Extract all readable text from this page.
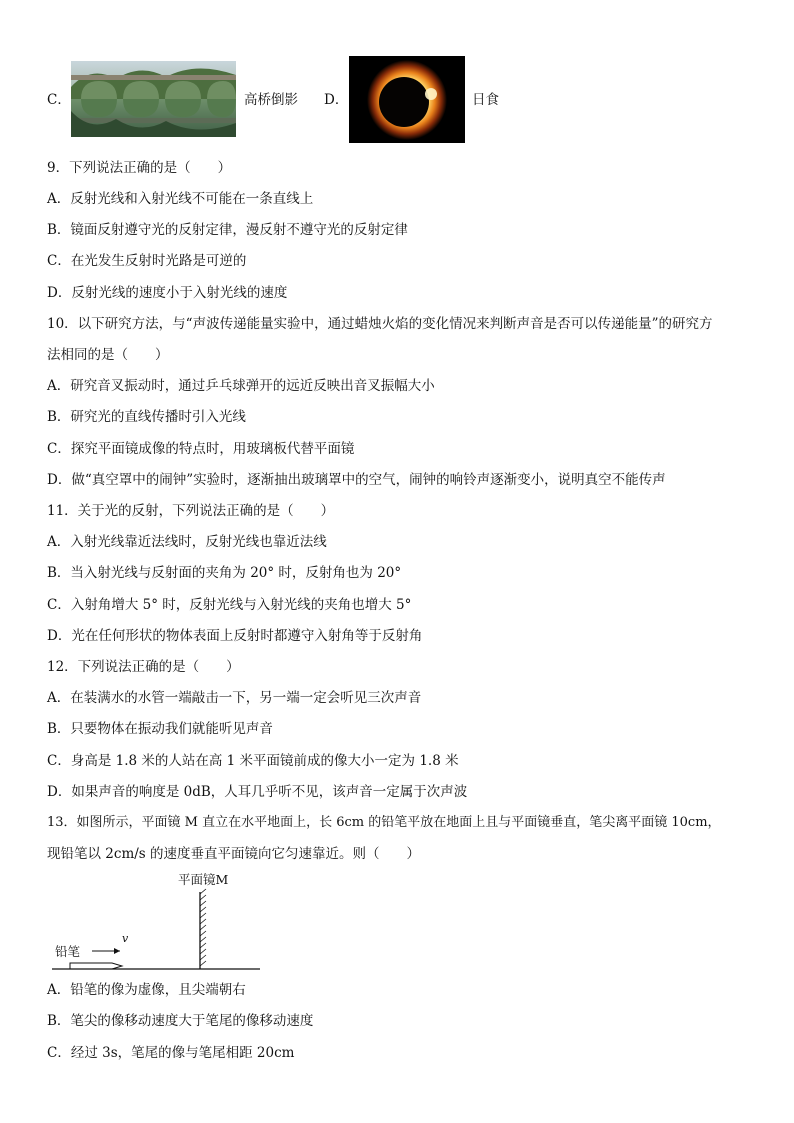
C．	高桥倒影 D．	日食
9．下列说法正确的是（　　）
A．反射光线和入射光线不可能在一条直线上
B．镜面反射遵守光的反射定律，漫反射不遵守光的反射定律
C．在光发生反射时光路是可逆的
D．反射光线的速度小于入射光线的速度
10．以下研究方法，与“声波传递能量实验中，通过蜡烛火焰的变化情况来判断声音是否可以传递能量”的研究方
法相同的是（　　）
A．研究音叉振动时，通过乒乓球弹开的远近反映出音叉振幅大小
B．研究光的直线传播时引入光线
C．探究平面镜成像的特点时，用玻璃板代替平面镜
D．做“真空罩中的闹钟”实验时，逐渐抽出玻璃罩中的空气，闹钟的响铃声逐渐变小，说明真空不能传声
11．关于光的反射，下列说法正确的是（　　）
A．入射光线靠近法线时，反射光线也靠近法线
B．当入射光线与反射面的夹角为 20° 时，反射角也为 20°
C．入射角增大 5° 时，反射光线与入射光线的夹角也增大 5°
D．光在任何形状的物体表面上反射时都遵守入射角等于反射角
12．下列说法正确的是（　　）
A．在装满水的水管一端敲击一下，另一端一定会听见三次声音
B．只要物体在振动我们就能听见声音
C．身高是 1.8 米的人站在高 1 米平面镜前成的像大小一定为 1.8 米
D．如果声音的响度是 0dB，人耳几乎听不见，该声音一定属于次声波
13．如图所示，平面镜 M 直立在水平地面上，长 6cm 的铅笔平放在地面上且与平面镜垂直，笔尖离平面镜 10cm，
现铅笔以 2cm/s 的速度垂直平面镜向它匀速靠近。则（　　）
平面镜M
铅笔
v
A．铅笔的像为虚像，且尖端朝右
B．笔尖的像移动速度大于笔尾的像移动速度
C．经过 3s，笔尾的像与笔尾相距 20cm
